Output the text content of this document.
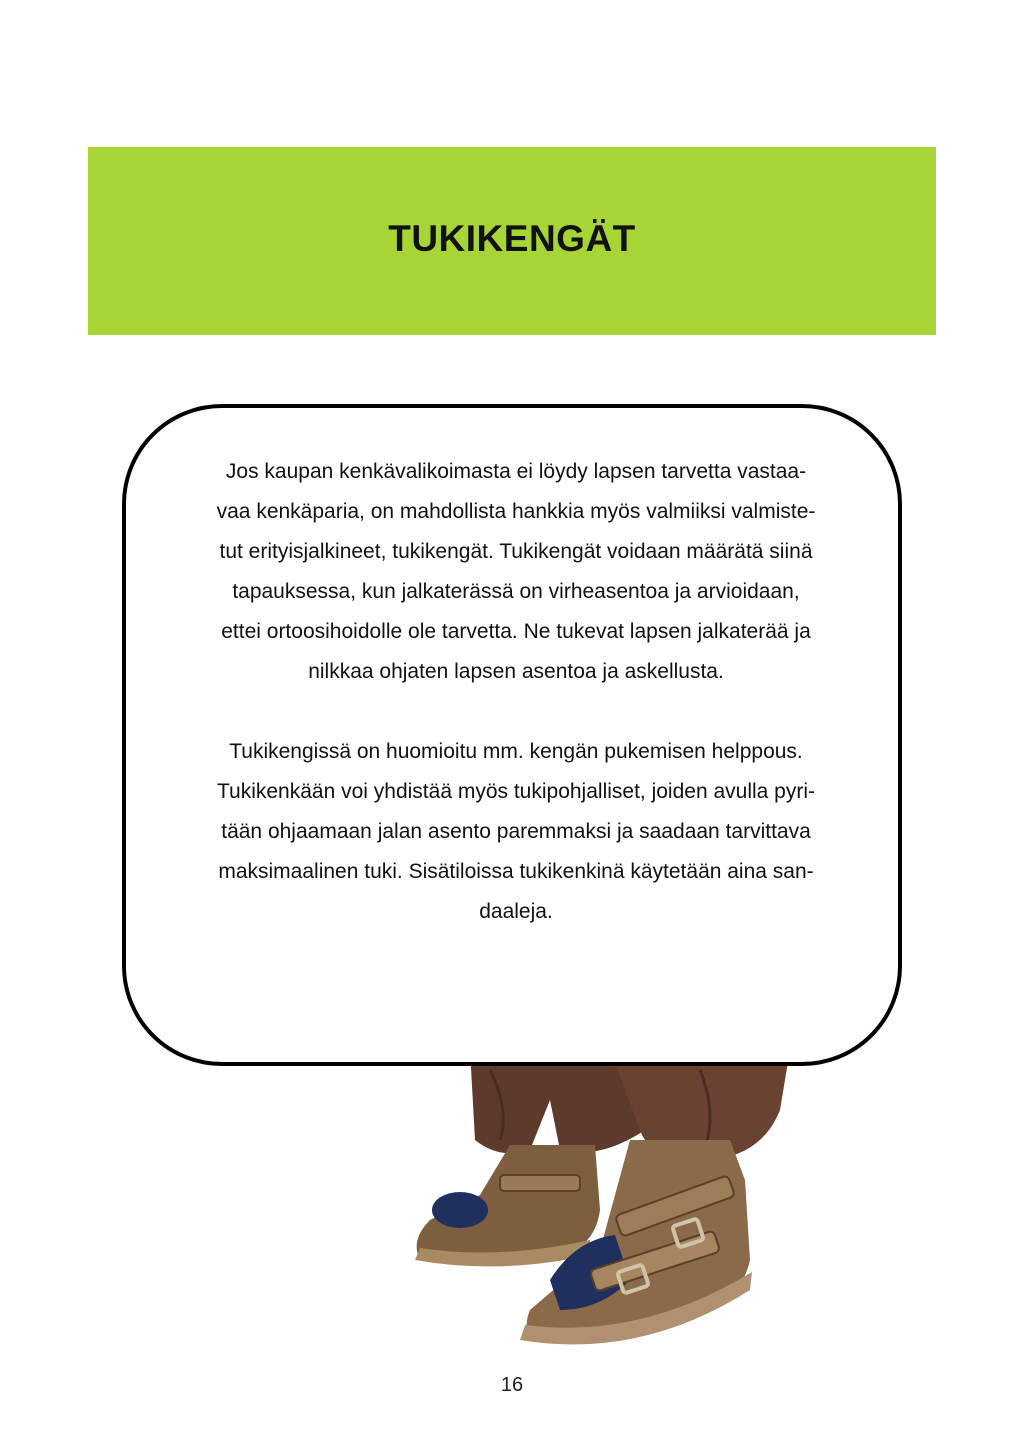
TUKIKENGÄT

Jos kaupan kenkävalikoimasta ei löydy lapsen tarvetta vastaa-

vaa kenkäparia, on mahdollista hankkia myös valmiiksi valmiste-

tut erityisjalkineet, tukikengät. Tukikengät voidaan määrätä siinä

tapauksessa, kun jalkaterässä on virheasentoa ja arvioidaan,

ettei ortoosihoidolle ole tarvetta. Ne tukevat lapsen jalkaterää ja

nilkkaa ohjaten lapsen asentoa ja askellusta.

Tukikengissä on huomioitu mm. kengän pukemisen helppous.

Tukikenkään voi yhdistää myös tukipohjalliset, joiden avulla pyri-

tään ohjaamaan jalan asento paremmaksi ja saadaan tarvittava

maksimaalinen tuki. Sisätiloissa tukikenkinä käytetään aina san-

daaleja.

16
